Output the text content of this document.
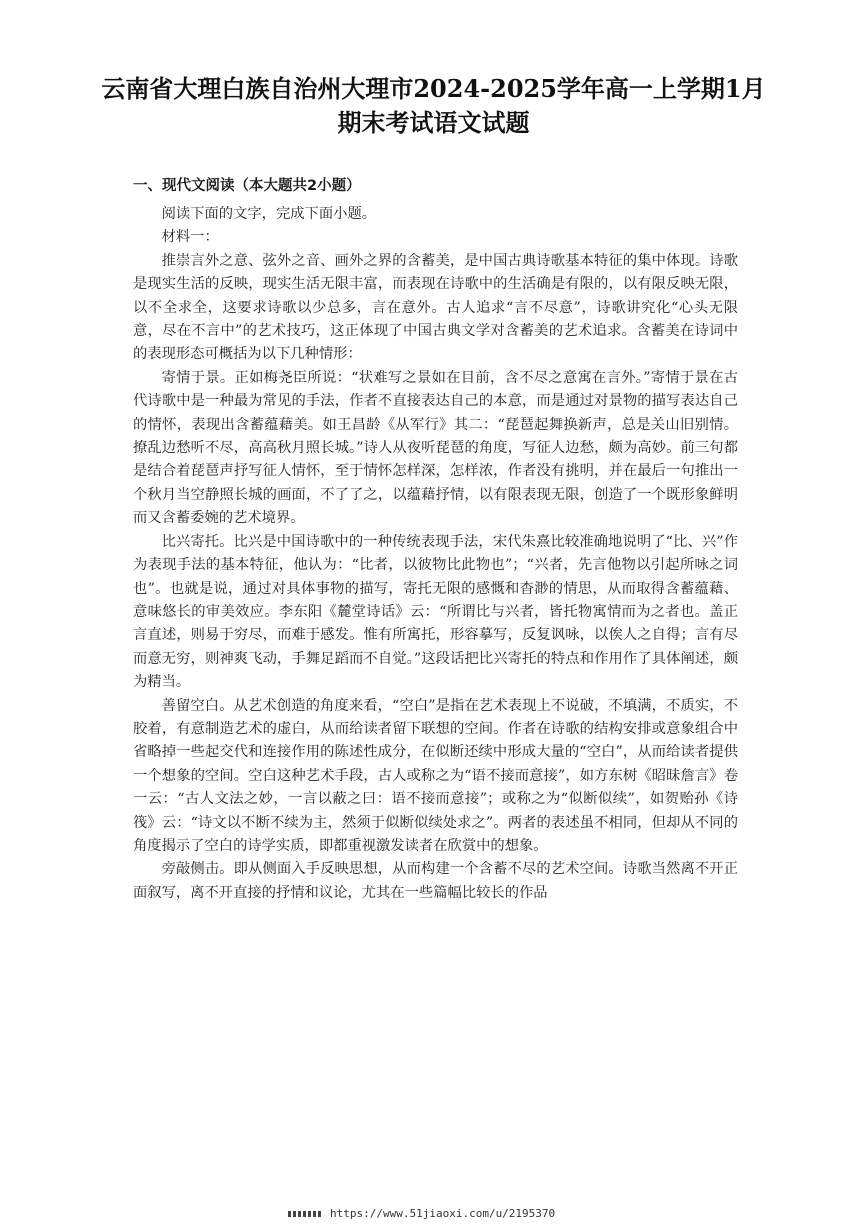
云南省大理白族自治州大理市2024-2025学年高一上学期1月期末考试语文试题
一、现代文阅读（本大题共2小题）

阅读下面的文字，完成下面小题。

材料一：

推崇言外之意、弦外之音、画外之界的含蓄美，是中国古典诗歌基本特征的集中体现。诗歌是现实生活的反映，现实生活无限丰富，而表现在诗歌中的生活确是有限的，以有限反映无限，以不全求全，这要求诗歌以少总多，言在意外。古人追求“言不尽意”，诗歌讲究化“心头无限意，尽在不言中”的艺术技巧，这正体现了中国古典文学对含蓄美的艺术追求。含蓄美在诗词中的表现形态可概括为以下几种情形：

寄情于景。正如梅尧臣所说：“状难写之景如在目前，含不尽之意寓在言外。”寄情于景在古代诗歌中是一种最为常见的手法，作者不直接表达自己的本意，而是通过对景物的描写表达自己的情怀，表现出含蓄蕴藉美。如王昌龄《从军行》其二：“琵琶起舞换新声，总是关山旧别情。撩乱边愁听不尽，高高秋月照长城。”诗人从夜听琵琶的角度，写征人边愁，颇为高妙。前三句都是结合着琵琶声抒写征人情怀，至于情怀怎样深，怎样浓，作者没有挑明，并在最后一句推出一个秋月当空静照长城的画面，不了了之，以蕴藉抒情，以有限表现无限，创造了一个既形象鲜明而又含蓄委婉的艺术境界。

比兴寄托。比兴是中国诗歌中的一种传统表现手法，宋代朱熹比较准确地说明了“比、兴”作为表现手法的基本特征，他认为：“比者，以彼物比此物也”；“兴者，先言他物以引起所咏之词也”。也就是说，通过对具体事物的描写，寄托无限的感慨和杳渺的情思，从而取得含蓄蕴藉、意味悠长的审美效应。李东阳《麓堂诗话》云：“所谓比与兴者，皆托物寓情而为之者也。盖正言直述，则易于穷尽，而难于感发。惟有所寓托，形容摹写，反复讽咏，以俟人之自得；言有尽而意无穷，则神爽飞动，手舞足蹈而不自觉。”这段话把比兴寄托的特点和作用作了具体阐述，颇为精当。

善留空白。从艺术创造的角度来看，“空白”是指在艺术表现上不说破，不填满，不质实，不胶着，有意制造艺术的虚白，从而给读者留下联想的空间。作者在诗歌的结构安排或意象组合中省略掉一些起交代和连接作用的陈述性成分，在似断还续中形成大量的“空白”，从而给读者提供一个想象的空间。空白这种艺术手段，古人或称之为“语不接而意接”，如方东树《昭昧詹言》卷一云：“古人文法之妙，一言以蔽之曰：语不接而意接”；或称之为“似断似续”，如贺贻孙《诗筏》云：“诗文以不断不续为主，然须于似断似续处求之”。两者的表述虽不相同，但却从不同的角度揭示了空白的诗学实质，即都重视激发读者在欣赏中的想象。

旁敲侧击。即从侧面入手反映思想，从而构建一个含蓄不尽的艺术空间。诗歌当然离不开正面叙写，离不开直接的抒情和议论，尤其在一些篇幅比较长的作品

https://www.51jiaoxi.com/u/2195370
